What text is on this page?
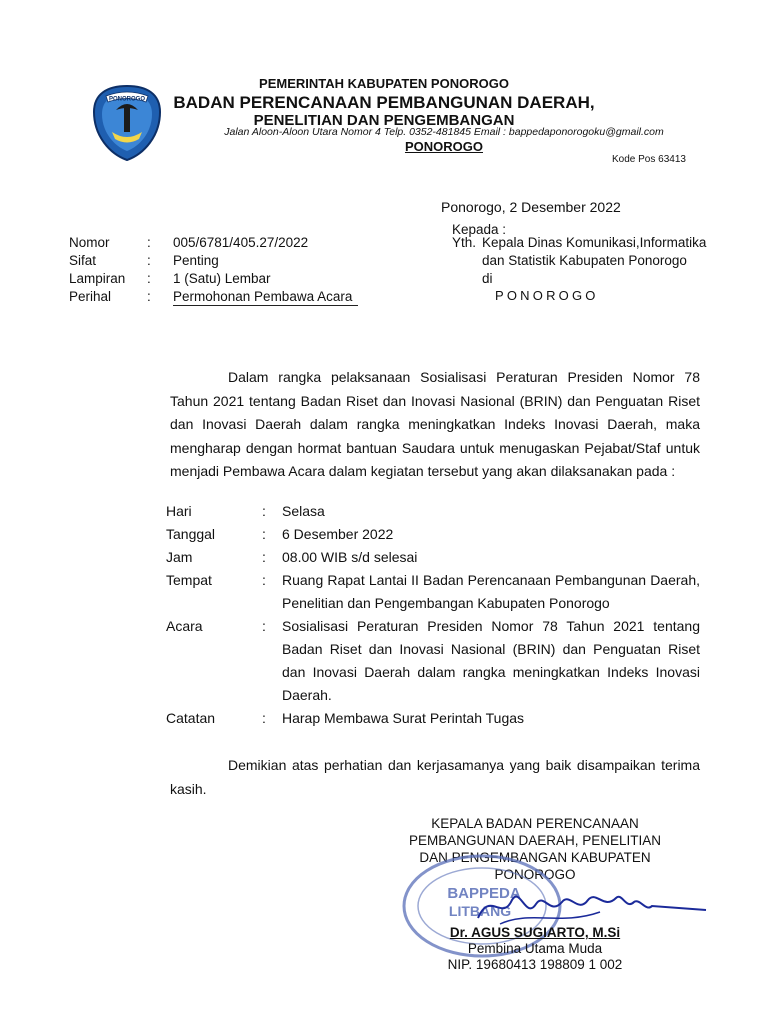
PONOROGO
PEMERINTAH KABUPATEN PONOROGO
BADAN PERENCANAAN PEMBANGUNAN DAERAH,
PENELITIAN DAN PENGEMBANGAN
Jalan Aloon-Aloon Utara Nomor 4 Telp. 0352-481845 Email : bappedaponorogoku@gmail.com
PONOROGO
Kode Pos 63413
Ponorogo, 2 Desember 2022
Kepada :
Nomor	:	005/6781/405.27/2022
Sifat	:	Penting
Lampiran	:	1 (Satu) Lembar
Perihal	:	Permohonan Pembawa Acara
Yth. Kepala Dinas Komunikasi,Informatika
dan Statistik Kabupaten Ponorogo
di
PONOROGO
Dalam rangka pelaksanaan Sosialisasi Peraturan Presiden Nomor 78 Tahun 2021 tentang Badan Riset dan Inovasi Nasional (BRIN) dan Penguatan Riset dan Inovasi Daerah dalam rangka meningkatkan Indeks Inovasi Daerah, maka mengharap dengan hormat bantuan Saudara untuk menugaskan Pejabat/Staf untuk menjadi Pembawa Acara dalam kegiatan tersebut yang akan dilaksanakan pada :
Hari	:	Selasa
Tanggal	:	6 Desember 2022
Jam	:	08.00 WIB s/d selesai
Tempat	:	Ruang Rapat Lantai II Badan Perencanaan Pembangunan Daerah, Penelitian dan Pengembangan Kabupaten Ponorogo
Acara	:	Sosialisasi Peraturan Presiden Nomor 78 Tahun 2021 tentang Badan Riset dan Inovasi Nasional (BRIN) dan Penguatan Riset dan Inovasi Daerah dalam rangka meningkatkan Indeks Inovasi Daerah.
Catatan	:	Harap Membawa Surat Perintah Tugas
Demikian atas perhatian dan kerjasamanya yang baik disampaikan terima kasih.
KEPALA BADAN PERENCANAAN
PEMBANGUNAN DAERAH, PENELITIAN
DAN PENGEMBANGAN KABUPATEN
PONOROGO
BAPPEDA
LITBANG
Dr. AGUS SUGIARTO, M.Si
Pembina Utama Muda
NIP. 19680413 198809 1 002
